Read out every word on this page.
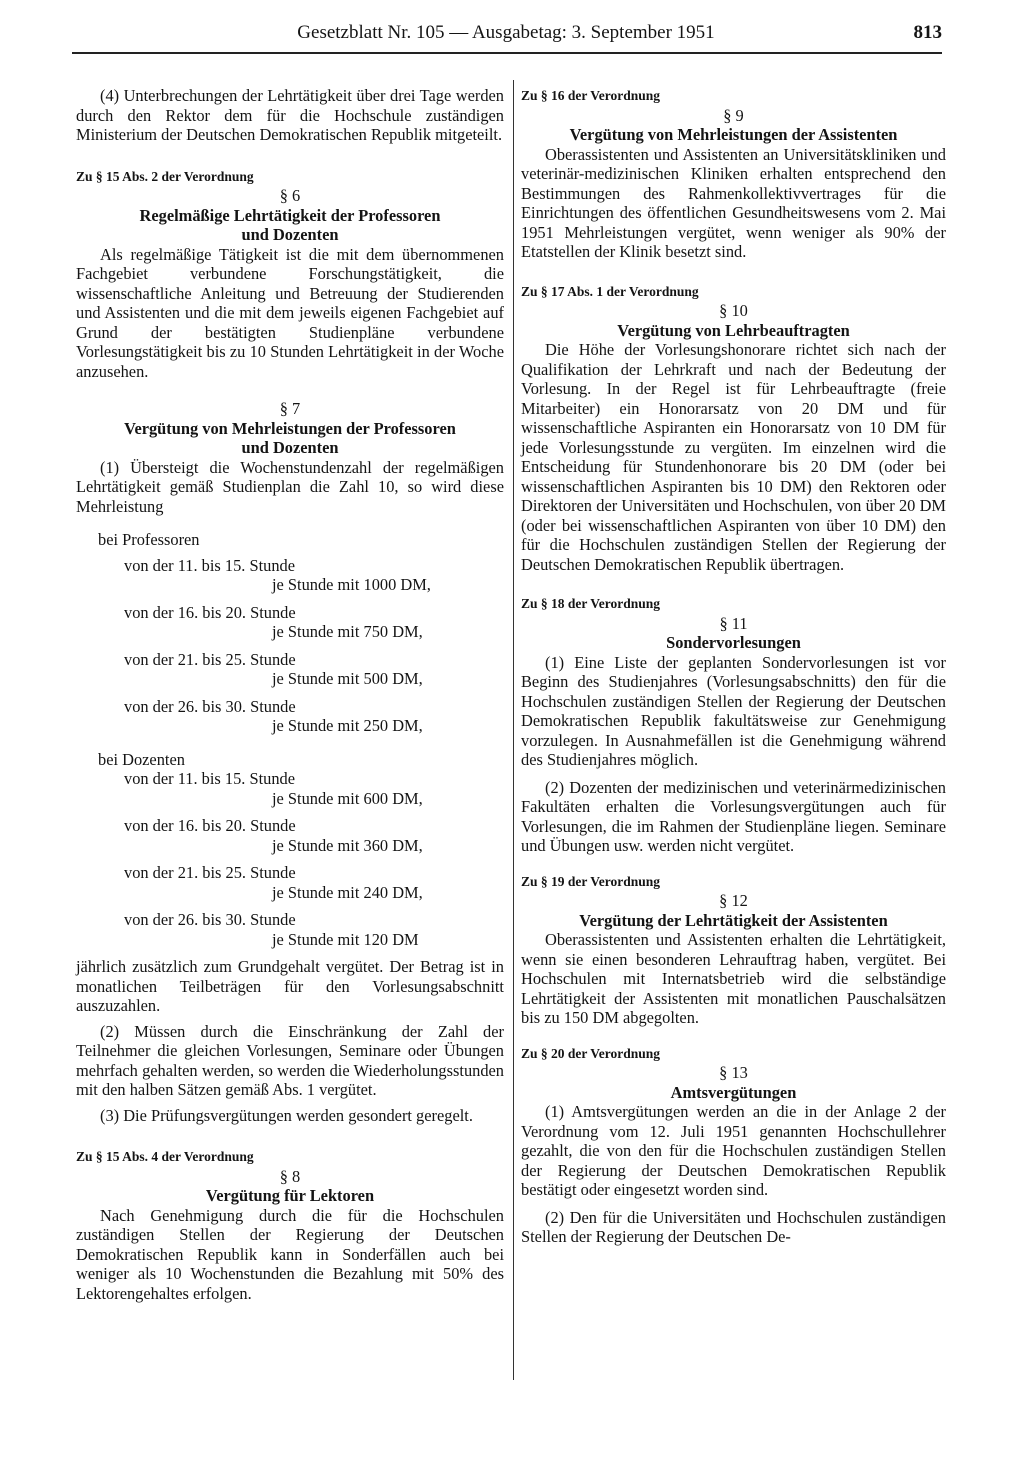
Gesetzblatt Nr. 105 — Ausgabetag: 3. September 1951	813

(4) Unterbrechungen der Lehrtätigkeit über drei Tage werden durch den Rektor dem für die Hochschule zuständigen Ministerium der Deutschen Demokratischen Republik mitgeteilt.

Zu § 15 Abs. 2 der Verordnung

§ 6

Regelmäßige Lehrtätigkeit der Professoren

und Dozenten

Als regelmäßige Tätigkeit ist die mit dem übernommenen Fachgebiet verbundene Forschungstätigkeit, die wissenschaftliche Anleitung und Betreuung der Studierenden und Assistenten und die mit dem jeweils eigenen Fachgebiet auf Grund der bestätigten Studienpläne verbundene Vorlesungstätigkeit bis zu 10 Stunden Lehrtätigkeit in der Woche anzusehen.

§ 7

Vergütung von Mehrleistungen der Professoren

und Dozenten

(1) Übersteigt die Wochenstundenzahl der regelmäßigen Lehrtätigkeit gemäß Studienplan die Zahl 10, so wird diese Mehrleistung

bei Professoren

von der 11. bis 15. Stunde

je Stunde mit 1000 DM,

von der 16. bis 20. Stunde

je Stunde mit 750 DM,

von der 21. bis 25. Stunde

je Stunde mit 500 DM,

von der 26. bis 30. Stunde

je Stunde mit 250 DM,

bei Dozenten

von der 11. bis 15. Stunde

je Stunde mit 600 DM,

von der 16. bis 20. Stunde

je Stunde mit 360 DM,

von der 21. bis 25. Stunde

je Stunde mit 240 DM,

von der 26. bis 30. Stunde

je Stunde mit 120 DM

jährlich zusätzlich zum Grundgehalt vergütet. Der Betrag ist in monatlichen Teilbeträgen für den Vorlesungsabschnitt auszuzahlen.

(2) Müssen durch die Einschränkung der Zahl der Teilnehmer die gleichen Vorlesungen, Seminare oder Übungen mehrfach gehalten werden, so werden die Wiederholungsstunden mit den halben Sätzen gemäß Abs. 1 vergütet.

(3) Die Prüfungsvergütungen werden gesondert geregelt.

Zu § 15 Abs. 4 der Verordnung

§ 8

Vergütung für Lektoren

Nach Genehmigung durch die für die Hochschulen zuständigen Stellen der Regierung der Deutschen Demokratischen Republik kann in Sonderfällen auch bei weniger als 10 Wochenstunden die Bezahlung mit 50% des Lektorengehaltes erfolgen.

Zu § 16 der Verordnung

§ 9

Vergütung von Mehrleistungen der Assistenten

Oberassistenten und Assistenten an Universitätskliniken und veterinär-medizinischen Kliniken erhalten entsprechend den Bestimmungen des Rahmenkollektivvertrages für die Einrichtungen des öffentlichen Gesundheitswesens vom 2. Mai 1951 Mehrleistungen vergütet, wenn weniger als 90% der Etatstellen der Klinik besetzt sind.

Zu § 17 Abs. 1 der Verordnung

§ 10

Vergütung von Lehrbeauftragten

Die Höhe der Vorlesungshonorare richtet sich nach der Qualifikation der Lehrkraft und nach der Bedeutung der Vorlesung. In der Regel ist für Lehrbeauftragte (freie Mitarbeiter) ein Honorarsatz von 20 DM und für wissenschaftliche Aspiranten ein Honorarsatz von 10 DM für jede Vorlesungsstunde zu vergüten. Im einzelnen wird die Entscheidung für Stundenhonorare bis 20 DM (oder bei wissenschaftlichen Aspiranten bis 10 DM) den Rektoren oder Direktoren der Universitäten und Hochschulen, von über 20 DM (oder bei wissenschaftlichen Aspiranten von über 10 DM) den für die Hochschulen zuständigen Stellen der Regierung der Deutschen Demokratischen Republik übertragen.

Zu § 18 der Verordnung

§ 11

Sondervorlesungen

(1) Eine Liste der geplanten Sondervorlesungen ist vor Beginn des Studienjahres (Vorlesungsabschnitts) den für die Hochschulen zuständigen Stellen der Regierung der Deutschen Demokratischen Republik fakultätsweise zur Genehmigung vorzulegen. In Ausnahmefällen ist die Genehmigung während des Studienjahres möglich.

(2) Dozenten der medizinischen und veterinärmedizinischen Fakultäten erhalten die Vorlesungsvergütungen auch für Vorlesungen, die im Rahmen der Studienpläne liegen. Seminare und Übungen usw. werden nicht vergütet.

Zu § 19 der Verordnung

§ 12

Vergütung der Lehrtätigkeit der Assistenten

Oberassistenten und Assistenten erhalten die Lehrtätigkeit, wenn sie einen besonderen Lehrauftrag haben, vergütet. Bei Hochschulen mit Internatsbetrieb wird die selbständige Lehrtätigkeit der Assistenten mit monatlichen Pauschalsätzen bis zu 150 DM abgegolten.

Zu § 20 der Verordnung

§ 13

Amtsvergütungen

(1) Amtsvergütungen werden an die in der Anlage 2 der Verordnung vom 12. Juli 1951 genannten Hochschullehrer gezahlt, die von den für die Hochschulen zuständigen Stellen der Regierung der Deutschen Demokratischen Republik bestätigt oder eingesetzt worden sind.

(2) Den für die Universitäten und Hochschulen zuständigen Stellen der Regierung der Deutschen De-
